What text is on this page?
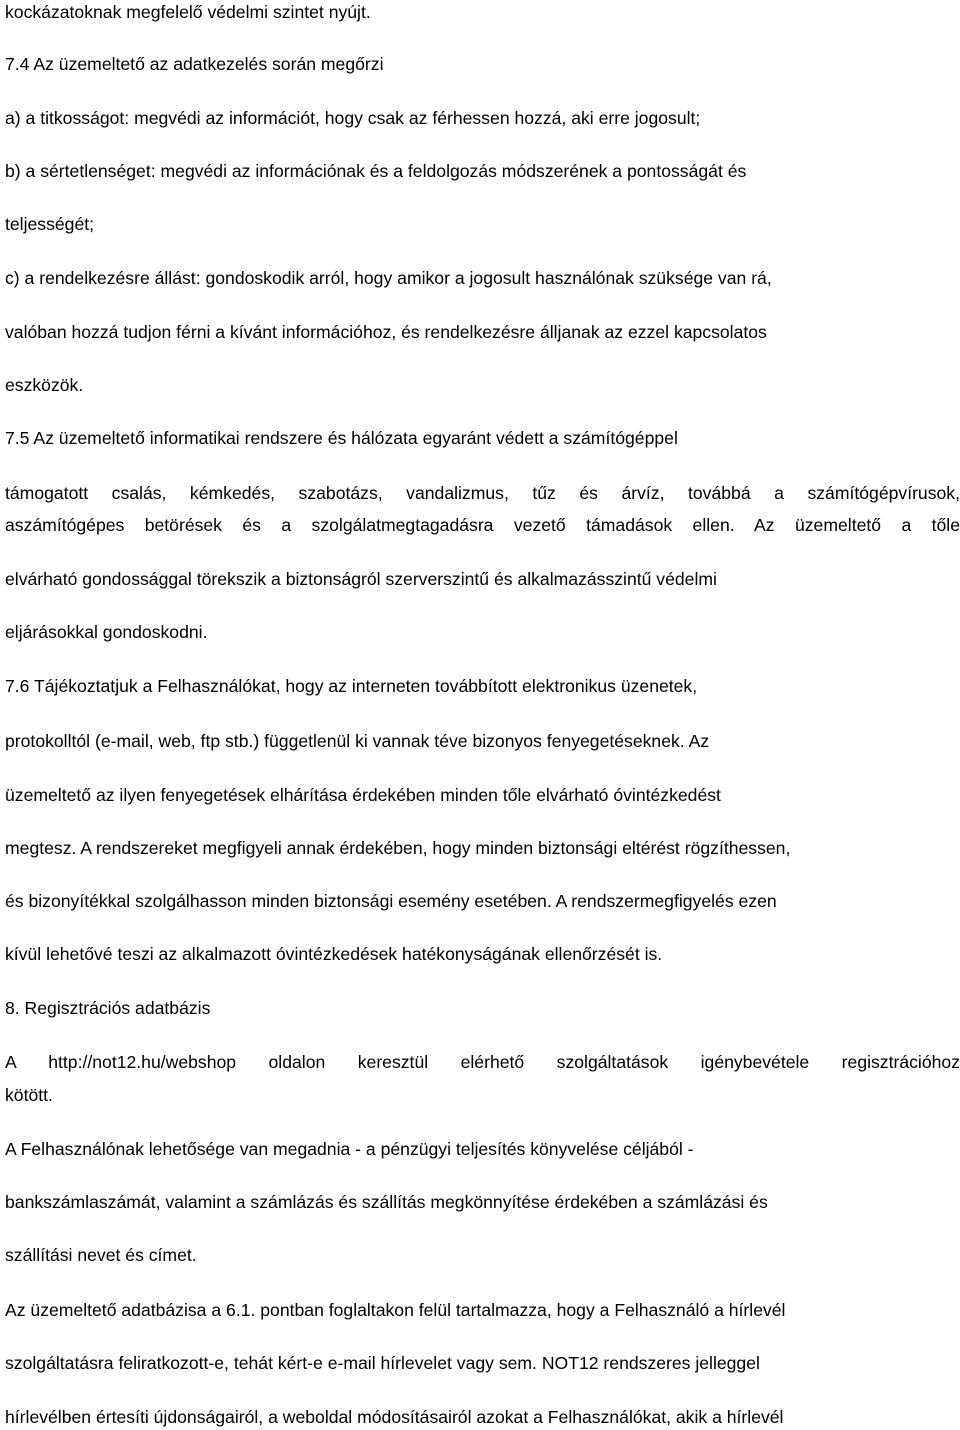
kockázatoknak megfelelő védelmi szintet nyújt.

7.4 Az üzemeltető az adatkezelés során megőrzi

a) a titkosságot: megvédi az információt, hogy csak az férhessen hozzá, aki erre jogosult;

b) a sértetlenséget: megvédi az információnak és a feldolgozás módszerének a pontosságát és

teljességét;

c) a rendelkezésre állást: gondoskodik arról, hogy amikor a jogosult használónak szüksége van rá,

valóban hozzá tudjon férni a kívánt információhoz, és rendelkezésre álljanak az ezzel kapcsolatos

eszközök.

7.5 Az üzemeltető informatikai rendszere és hálózata egyaránt védett a számítógéppel

támogatott csalás, kémkedés, szabotázs, vandalizmus, tűz és árvíz, továbbá a számítógépvírusok,

aszámítógépes betörések és a szolgálatmegtagadásra vezető támadások ellen. Az üzemeltető a tőle

elvárható gondossággal törekszik a biztonságról szerverszintű és alkalmazásszintű védelmi

eljárásokkal gondoskodni.

7.6 Tájékoztatjuk a Felhasználókat, hogy az interneten továbbított elektronikus üzenetek,

protokolltól (e-mail, web, ftp stb.) függetlenül ki vannak téve bizonyos fenyegetéseknek. Az

üzemeltető az ilyen fenyegetések elhárítása érdekében minden tőle elvárható óvintézkedést

megtesz. A rendszereket megfigyeli annak érdekében, hogy minden biztonsági eltérést rögzíthessen,

és bizonyítékkal szolgálhasson minden biztonsági esemény esetében. A rendszermegfigyelés ezen

kívül lehetővé teszi az alkalmazott óvintézkedések hatékonyságának ellenőrzését is.

8. Regisztrációs adatbázis

A http://not12.hu/webshop oldalon keresztül elérhető szolgáltatások igénybevétele regisztrációhoz

kötött.

A Felhasználónak lehetősége van megadnia - a pénzügyi teljesítés könyvelése céljából -

bankszámlaszámát, valamint a számlázás és szállítás megkönnyítése érdekében a számlázási és

szállítási nevet és címet.

Az üzemeltető adatbázisa a 6.1. pontban foglaltakon felül tartalmazza, hogy a Felhasználó a hírlevél

szolgáltatásra feliratkozott-e, tehát kért-e e-mail hírlevelet vagy sem. NOT12 rendszeres jelleggel

hírlevélben értesíti újdonságairól, a weboldal módosításairól azokat a Felhasználókat, akik a hírlevél
